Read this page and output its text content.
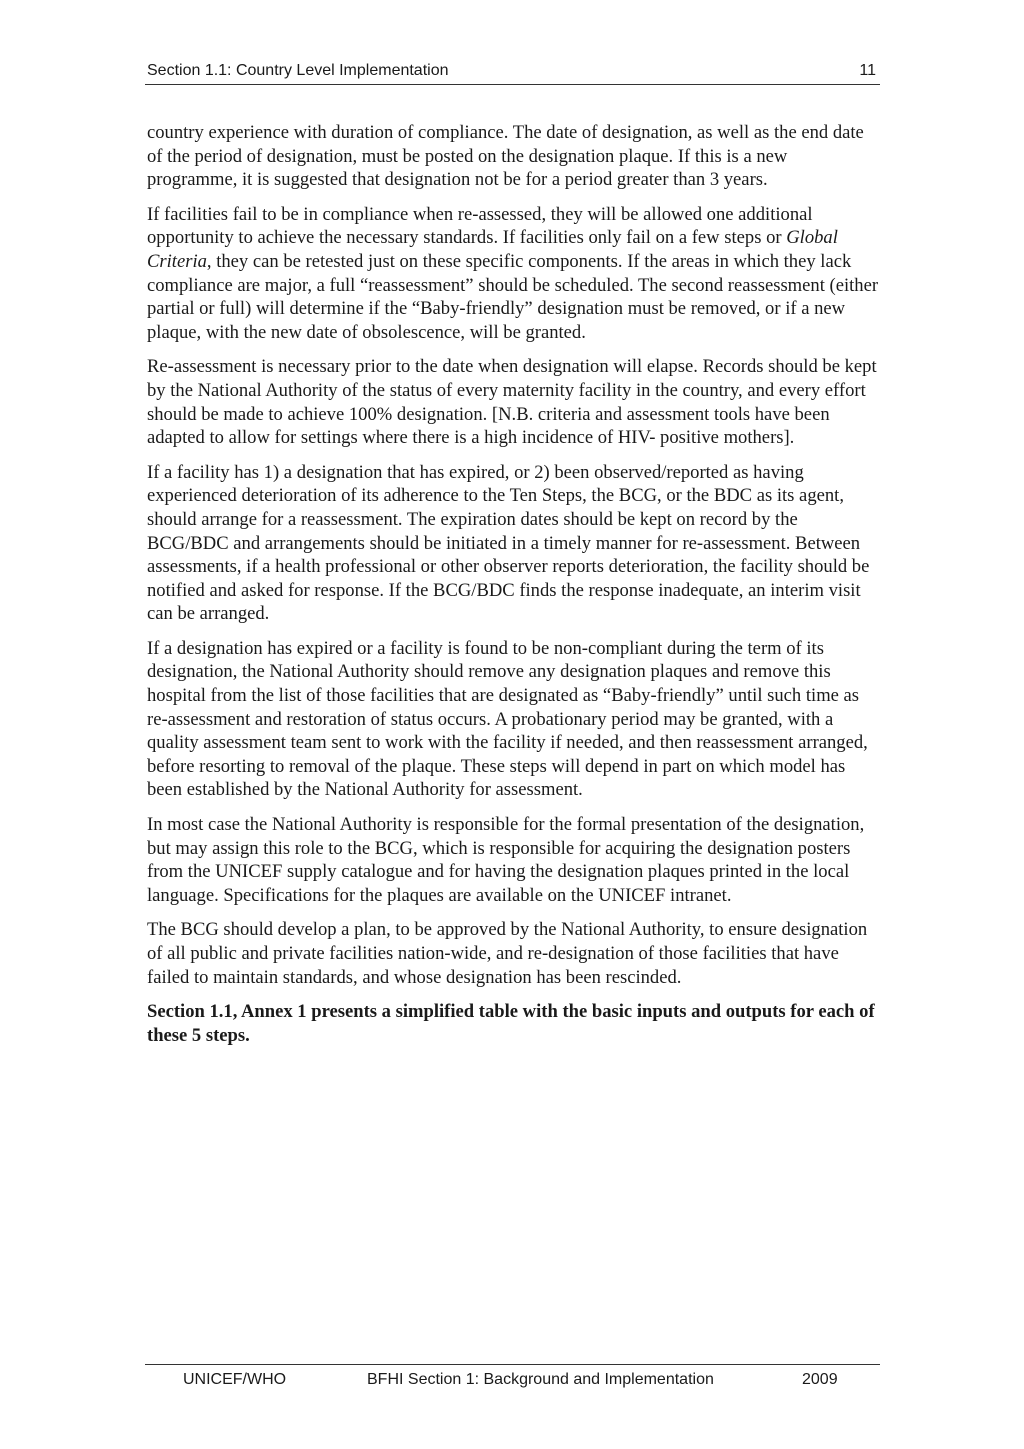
Section 1.1: Country Level Implementation	11

country experience with duration of compliance. The date of designation, as well as the end date of the period of designation, must be posted on the designation plaque. If this is a new programme, it is suggested that designation not be for a period greater than 3 years.

If facilities fail to be in compliance when re-assessed, they will be allowed one additional opportunity to achieve the necessary standards. If facilities only fail on a few steps or Global Criteria, they can be retested just on these specific components. If the areas in which they lack compliance are major, a full “reassessment” should be scheduled. The second reassessment (either partial or full) will determine if the “Baby-friendly” designation must be removed, or if a new plaque, with the new date of obsolescence, will be granted.

Re-assessment is necessary prior to the date when designation will elapse. Records should be kept by the National Authority of the status of every maternity facility in the country, and every effort should be made to achieve 100% designation. [N.B. criteria and assessment tools have been adapted to allow for settings where there is a high incidence of HIV- positive mothers].

If a facility has 1) a designation that has expired, or 2) been observed/reported as having experienced deterioration of its adherence to the Ten Steps, the BCG, or the BDC as its agent, should arrange for a reassessment. The expiration dates should be kept on record by the BCG/BDC and arrangements should be initiated in a timely manner for re-assessment. Between assessments, if a health professional or other observer reports deterioration, the facility should be notified and asked for response. If the BCG/BDC finds the response inadequate, an interim visit can be arranged.

If a designation has expired or a facility is found to be non-compliant during the term of its designation, the National Authority should remove any designation plaques and remove this hospital from the list of those facilities that are designated as “Baby-friendly” until such time as re-assessment and restoration of status occurs. A probationary period may be granted, with a quality assessment team sent to work with the facility if needed, and then reassessment arranged, before resorting to removal of the plaque. These steps will depend in part on which model has been established by the National Authority for assessment.

In most case the National Authority is responsible for the formal presentation of the designation, but may assign this role to the BCG, which is responsible for acquiring the designation posters from the UNICEF supply catalogue and for having the designation plaques printed in the local language. Specifications for the plaques are available on the UNICEF intranet.

The BCG should develop a plan, to be approved by the National Authority, to ensure designation of all public and private facilities nation-wide, and re-designation of those facilities that have failed to maintain standards, and whose designation has been rescinded.

Section 1.1, Annex 1 presents a simplified table with the basic inputs and outputs for each of these 5 steps.

UNICEF/WHO	BFHI Section 1: Background and Implementation	2009
